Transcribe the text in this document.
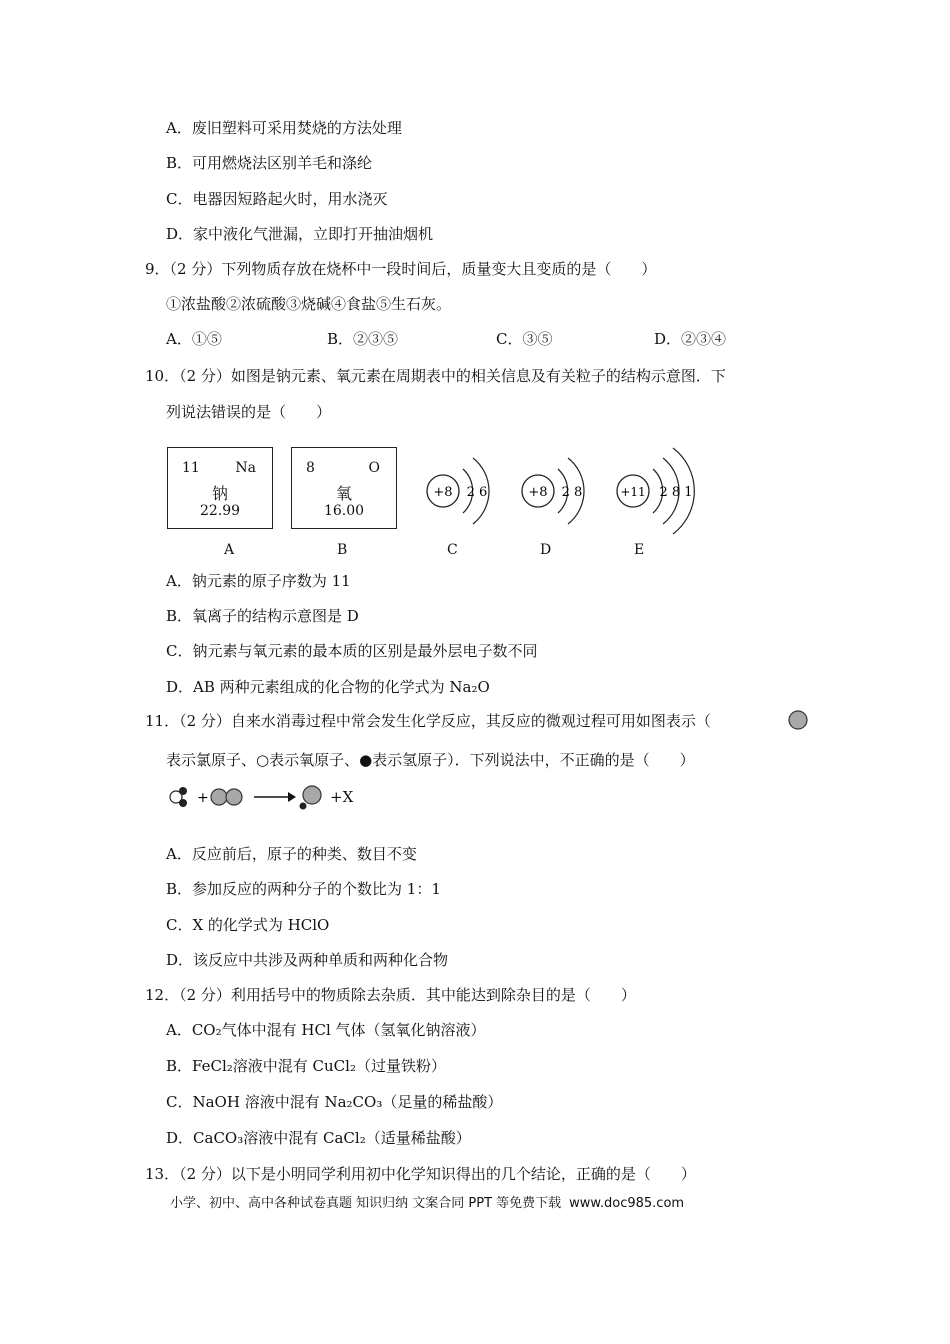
A．废旧塑料可采用焚烧的方法处理
B．可用燃烧法区别羊毛和涤纶
C．电器因短路起火时，用水浇灭
D．家中液化气泄漏，立即打开抽油烟机
9．（2 分）下列物质存放在烧杯中一段时间后，质量变大且变质的是（　　）
①浓盐酸②浓硫酸③烧碱④食盐⑤生石灰。
A．①⑤	B．②③⑤	C．③⑤	D．②③④
10．（2 分）如图是钠元素、氧元素在周期表中的相关信息及有关粒子的结构示意图．下
列说法错误的是（　　）
11	Na
钠
22.99
8	O
氧
16.00
+8 2 6	+8 2 8	+11 2 8 1
A	B	C	D	E
A．钠元素的原子序数为 11
B．氧离子的结构示意图是 D
C．钠元素与氧元素的最本质的区别是最外层电子数不同
D．AB 两种元素组成的化合物的化学式为 Na₂O
11．（2 分）自来水消毒过程中常会发生化学反应，其反应的微观过程可用如图表示（
表示氯原子、○表示氧原子、●表示氢原子）．下列说法中，不正确的是（　　）
+	+X
A．反应前后，原子的种类、数目不变
B．参加反应的两种分子的个数比为 1：1
C．X 的化学式为 HClO
D．该反应中共涉及两种单质和两种化合物
12．（2 分）利用括号中的物质除去杂质．其中能达到除杂目的是（　　）
A．CO₂气体中混有 HCl 气体（氢氧化钠溶液）
B．FeCl₂溶液中混有 CuCl₂（过量铁粉）
C．NaOH 溶液中混有 Na₂CO₃（足量的稀盐酸）
D．CaCO₃溶液中混有 CaCl₂（适量稀盐酸）
13．（2 分）以下是小明同学利用初中化学知识得出的几个结论，正确的是（　　）
小学、初中、高中各种试卷真题 知识归纳 文案合同 PPT 等免费下载 www.doc985.com
